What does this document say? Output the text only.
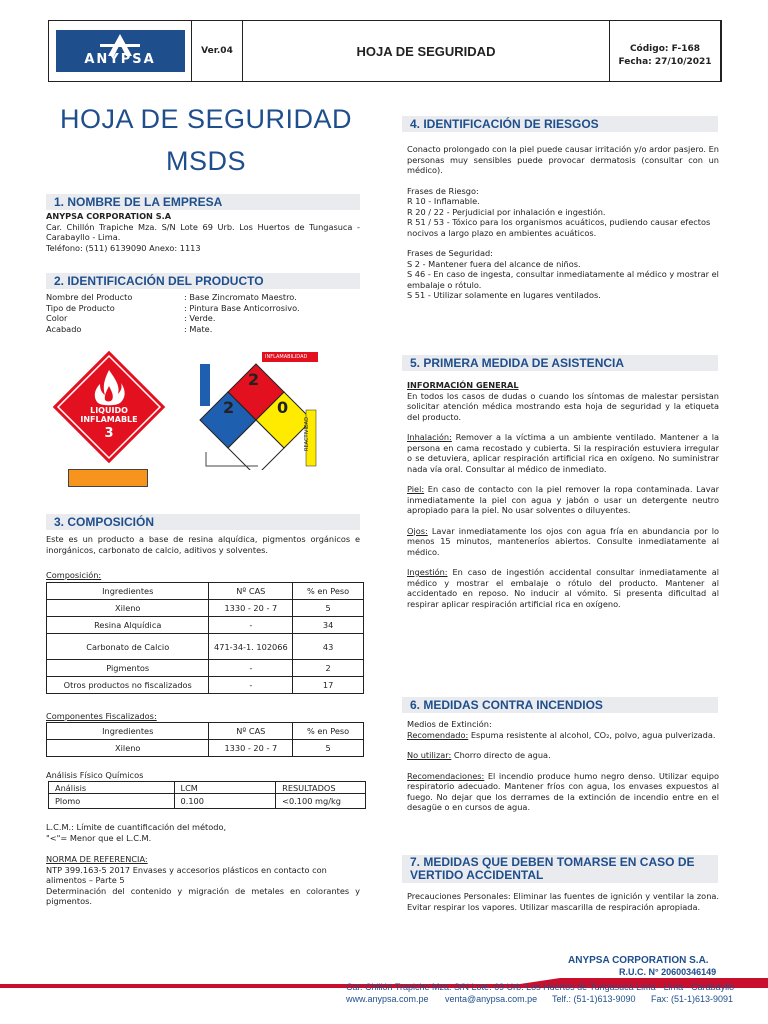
ANYPSA
Ver.04	HOJA DE SEGURIDAD	Código: F-168
Fecha: 27/10/2021
HOJA DE SEGURIDAD
MSDS
1. NOMBRE DE LA EMPRESA
ANYPSA CORPORATION S.A
Car. Chillón Trapiche Mza. S/N Lote 69 Urb. Los Huertos de Tungasuca - Carabayllo - Lima.
Teléfono: (511) 6139090 Anexo: 1113
2. IDENTIFICACIÓN DEL PRODUCTO
Nombre del Producto	: Base Zincromato Maestro.
Tipo de Producto	: Pintura Base Anticorrosivo.
Color	: Verde.
Acabado	: Mate.
LIQUIDO
INFLAMABLE
3
2
2	0
INFLAMABILIDAD
SALUD
REACTIVIDAD
3. COMPOSICIÓN
Este es un producto a base de resina alquídica, pigmentos orgánicos e inorgánicos, carbonato de calcio, aditivos y solventes.
Composición:
Ingredientes	Nº CAS	% en Peso
Xileno	1330 - 20 - 7	5
Resina Alquídica	-	34
Carbonato de Calcio	471-34-1. 102066	43
Pigmentos	-	2
Otros productos no fiscalizados	-	17
Componentes Fiscalizados:
Ingredientes	Nº CAS	% en Peso
Xileno	1330 - 20 - 7	5
Análisis Físico Químicos
Análisis	LCM	RESULTADOS
Plomo	0.100	<0.100 mg/kg
L.C.M.: Límite de cuantificación del método,
"<"= Menor que el L.C.M.
NORMA DE REFERENCIA:
NTP 399.163-5 2017 Envases y accesorios plásticos en contacto con alimentos – Parte 5
Determinación del contenido y migración de metales en colorantes y pigmentos.
4. IDENTIFICACIÓN DE RIESGOS
Conacto prolongado con la piel puede causar irritación y/o ardor pasjero. En personas muy sensibles puede provocar dermatosis (consultar con un médico).
Frases de Riesgo:
R 10 - Inflamable.
R 20 / 22 - Perjudicial por inhalación e ingestión.
R 51 / 53 - Tóxico para los organismos acuáticos, pudiendo causar efectos nocivos a largo plazo en ambientes acuáticos.
Frases de Seguridad:
S 2 - Mantener fuera del alcance de niños.
S 46 - En caso de ingesta, consultar inmediatamente al médico y mostrar el embalaje o rótulo.
S 51 - Utilizar solamente en lugares ventilados.
5. PRIMERA MEDIDA DE ASISTENCIA
INFORMACIÓN GENERAL
En todos los casos de dudas o cuando los síntomas de malestar persistan solicitar atención médica mostrando esta hoja de seguridad y la etiqueta del producto.
Inhalación: Remover a la víctima a un ambiente ventilado. Mantener a la persona en cama recostado y cubierta. Si la respiración estuviera irregular o se detuviera, aplicar respiración artificial rica en oxígeno. No suministrar nada vía oral. Consultar al médico de inmediato.
Piel: En caso de contacto con la piel remover la ropa contaminada. Lavar inmediatamente la piel con agua y jabón o usar un detergente neutro apropiado para la piel. No usar solventes o diluyentes.
Ojos: Lavar inmediatamente los ojos con agua fría en abundancia por lo menos 15 minutos, manteneríos abiertos. Consulte inmediatamente al médico.
Ingestión: En caso de ingestión accidental consultar inmediatamente al médico y mostrar el embalaje o rótulo del producto. Mantener al accidentado en reposo. No inducir al vómito. Si presenta dificultad al respirar aplicar respiración artificial rica en oxígeno.
6. MEDIDAS CONTRA INCENDIOS
Medios de Extinción:
Recomendado: Espuma resistente al alcohol, CO₂, polvo, agua pulverizada.
No utilizar: Chorro directo de agua.
Recomendaciones: El incendio produce humo negro denso. Utilizar equipo respiratorio adecuado. Mantener fríos con agua, los envases expuestos al fuego. No dejar que los derrames de la extinción de incendio entre en el desagüe o en cursos de agua.
7. MEDIDAS QUE DEBEN TOMARSE EN CASO DE
VERTIDO ACCIDENTAL
Precauciones Personales: Eliminar las fuentes de ignición y ventilar la zona. Evitar respirar los vapores. Utilizar mascarilla de respiración apropiada.
ANYPSA CORPORATION S.A.
R.U.C. N° 20600346149
Car. Chillón Trapiche Mza. S/N Lote. 69 Urb. Los Huertos de Tungasuca Lima - Lima - Carabayllo
www.anypsa.com.pe venta@anypsa.com.pe Telf.: (51-1)613-9090 Fax: (51-1)613-9091
